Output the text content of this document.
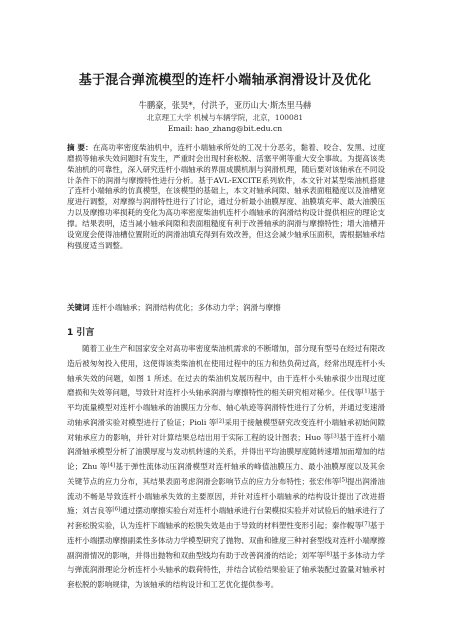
基于混合弹流模型的连杆小端轴承润滑设计及优化
牛鹏豪，张昊*，付洪予，亚历山大·斯杰里马赫
北京理工大学 机械与车辆学院，北京，100081
Email: hao_zhang@bit.edu.cn
摘 要：在高功率密度柴油机中，连杆小端轴承所处的工况十分恶劣，黏着、咬合、发黑、过度磨损等轴承失效问题时有发生，严重时会出现村套松脱、活塞平朔等重大安全事故。为提高该类柴油机的可靠性，深入研究连杆小端轴承的界面成膜机制与润滑机理，随后要对该轴承在不同设计条件下的润滑与摩擦特性进行分析。基于AVL-EXCITE系列软件，本文针对某型柴油机搭建了连杆小端轴承的仿真模型，在该模型的基础上，本文对轴承间隙、轴承表面粗糙度以及油槽宽度进行调整，对摩擦与润滑特性进行了讨论，通过分析最小油膜厚度、油膜填充率、最大油膜压力以及摩擦功率损耗的变化为高功率密度柴油机连杆小端轴承的润滑结构设计提供相应的理论支撑。结果表明，适当减小轴承间隙和表面粗糙度有利于改善轴承的润滑与摩擦特性；增大油槽开设宽度会使得油槽位置附近的润滑油填充得到有效改善，但这会减少轴承压面积，需根据轴承结构强度适当调整。
关键词 连杆小端轴承；润滑结构优化；多体动力学；润滑与摩擦
1 引言
随着工业生产和国家安全对高功率密度柴油机需求的不断增加，部分现有型号在经过有限改造后被匆匆投入使用，这使得该类柴油机在使用过程中的压力和热负荷过高，经常出现连杆小头轴承失效的问题，如图 1 所述。在过去的柴油机发展历程中，由于连杆小头轴承很少出现过度磨损和失效等问题，导致针对连杆小头轴承润滑与摩擦特性的相关研究相对稀少。任伐等[1]基于平均流量模型对连杆小端轴承的油膜压力分布、轴心轨迹等润滑特性进行了分析，并通过变速滑动轴承润滑实验对模型进行了验证；Pioli 等[2]采用于接触模型研究改变连杆小端轴承初始间隙对轴承应力的影响，并针对计算结果总结出用于实际工程的设计图表；Huo 等[3]基于连杆小端润滑轴承模型分析了油膜厚度与发动机转速的关系，并得出平均油膜厚度随转速增加而增加的结论；Zhu 等[4]基于弹性流体动压润滑模型对连杆轴承的峰值油膜压力、最小油膜厚度以及其余关键节点的应力分布，其结果表面考虑润滑会影响节点的应力分布特性；张宏伟等[5]提出润滑油流动不畅是导致连杆小端轴承失效的主要原因，并针对连杆小端轴承的结构设计提出了改进措施；刘吉良等[6]通过摆动摩擦实验台对连杆小端轴承进行台架模拟实验并对试验后的轴承进行了衬套松脱实验，认为连杆下端轴承的松脱失效是由于导致的材料塑性变形引起；秦作輗等[7]基于连杆小端摆动摩擦副柔性多体动力学模型研究了抛物、双曲和锥度三种衬套型线对连杆小端摩擦副润滑情况的影响，并得出抛物和双曲型线均有助于改善润滑的结论；刘军等[8]基于多体动力学与弹流润滑理论分析连杆小头轴承的载荷特性，并结合试验结果验证了轴承装配过盈量对轴承衬套松脱的影响规律，为该轴承的结构设计和工艺优化提供参考。
